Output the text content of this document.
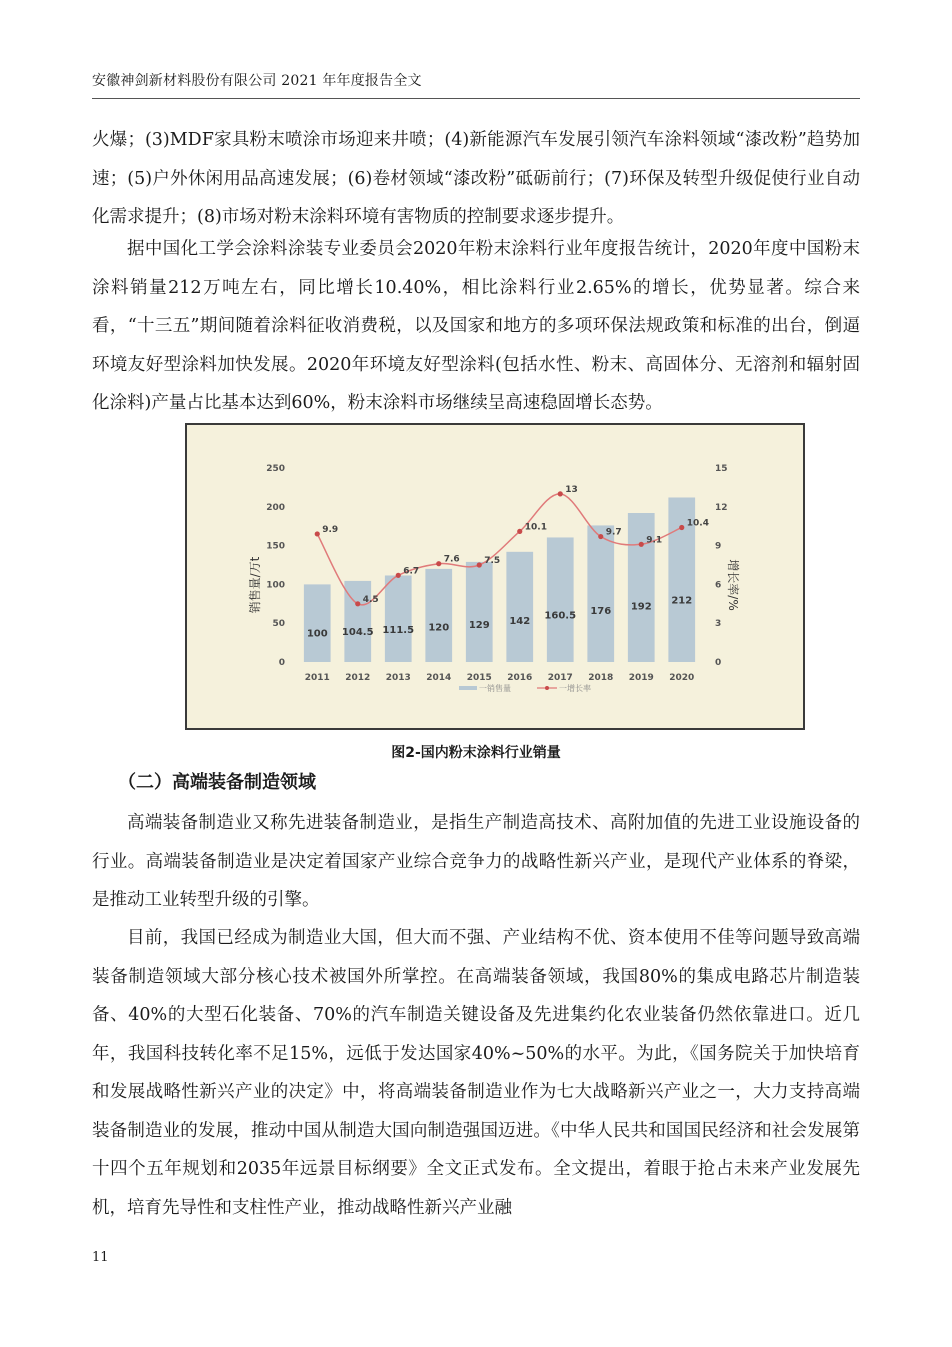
安徽神剑新材料股份有限公司 2021 年年度报告全文

火爆；(3)MDF家具粉末喷涂市场迎来井喷；(4)新能源汽车发展引领汽车涂料领域“漆改粉”趋势加速；(5)户外休闲用品高速发展；(6)卷材领域“漆改粉”砥砺前行；(7)环保及转型升级促使行业自动化需求提升；(8)市场对粉末涂料环境有害物质的控制要求逐步提升。

据中国化工学会涂料涂装专业委员会2020年粉末涂料行业年度报告统计，2020年度中国粉末涂料销量212万吨左右，同比增长10.40%，相比涂料行业2.65%的增长，优势显著。综合来看，“十三五”期间随着涂料征收消费税，以及国家和地方的多项环保法规政策和标准的出台，倒逼环境友好型涂料加快发展。2020年环境友好型涂料(包括水性、粉末、高固体分、无溶剂和辐射固化涂料)产量占比基本达到60%，粉末涂料市场继续呈高速稳固增长态势。

100 104.5 111.5 120 129 142 160.5 176 192
212
9.9
4.5
6.7
7.6	7.5
10.1
13
9.7
9.1
10.4
0
50
100
150
200
250
0
3
6
9
12
15
2011 2012 2013 2014 2015 2016 2017 2018 2019 2020
销售量/万t	增长率/%
一销售量	一增长率
图2-国内粉末涂料行业销量
（二）高端装备制造领域

高端装备制造业又称先进装备制造业，是指生产制造高技术、高附加值的先进工业设施设备的行业。高端装备制造业是决定着国家产业综合竞争力的战略性新兴产业，是现代产业体系的脊梁，是推动工业转型升级的引擎。

目前，我国已经成为制造业大国，但大而不强、产业结构不优、资本使用不佳等问题导致高端装备制造领域大部分核心技术被国外所掌控。在高端装备领域，我国80%的集成电路芯片制造装备、40%的大型石化装备、70%的汽车制造关键设备及先进集约化农业装备仍然依靠进口。近几年，我国科技转化率不足15%，远低于发达国家40%~50%的水平。为此，《国务院关于加快培育和发展战略性新兴产业的决定》中，将高端装备制造业作为七大战略新兴产业之一，大力支持高端装备制造业的发展，推动中国从制造大国向制造强国迈进。《中华人民共和国国民经济和社会发展第十四个五年规划和2035年远景目标纲要》全文正式发布。全文提出，着眼于抢占未来产业发展先机，培育先导性和支柱性产业，推动战略性新兴产业融

11
